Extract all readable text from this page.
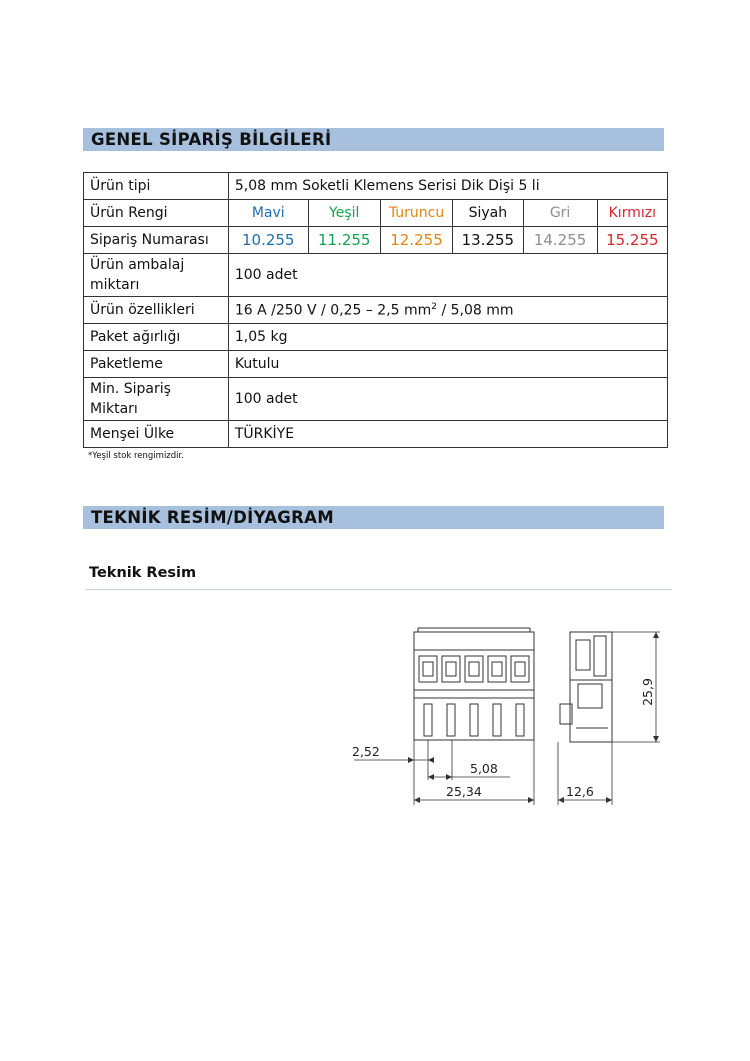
GENEL SİPARİŞ BİLGİLERİ
Ürün tipi	5,08 mm Soketli Klemens Serisi Dik Dişi 5 li					
Ürün Rengi	Mavi	Yeşil	Turuncu	Siyah	Gri	Kırmızı
Sipariş Numarası	10.255	11.255	12.255	13.255	14.255	15.255
Ürün ambalaj
miktarı	100 adet					
Ürün özellikleri	16 A /250 V / 0,25 – 2,5 $mm^2 / 5,08$ mm					
Paket ağırlığı	1,05 kg					
Paketleme	Kutulu					
Min. Sipariş
Miktarı	100 adet					
Menşei Ülke	TÜRKİYE					
*Yeşil stok rengimizdir.
TEKNİK RESİM/DİYAGRAM
Teknik Resim
2,52
5,08
25,34	12,6
25,9
